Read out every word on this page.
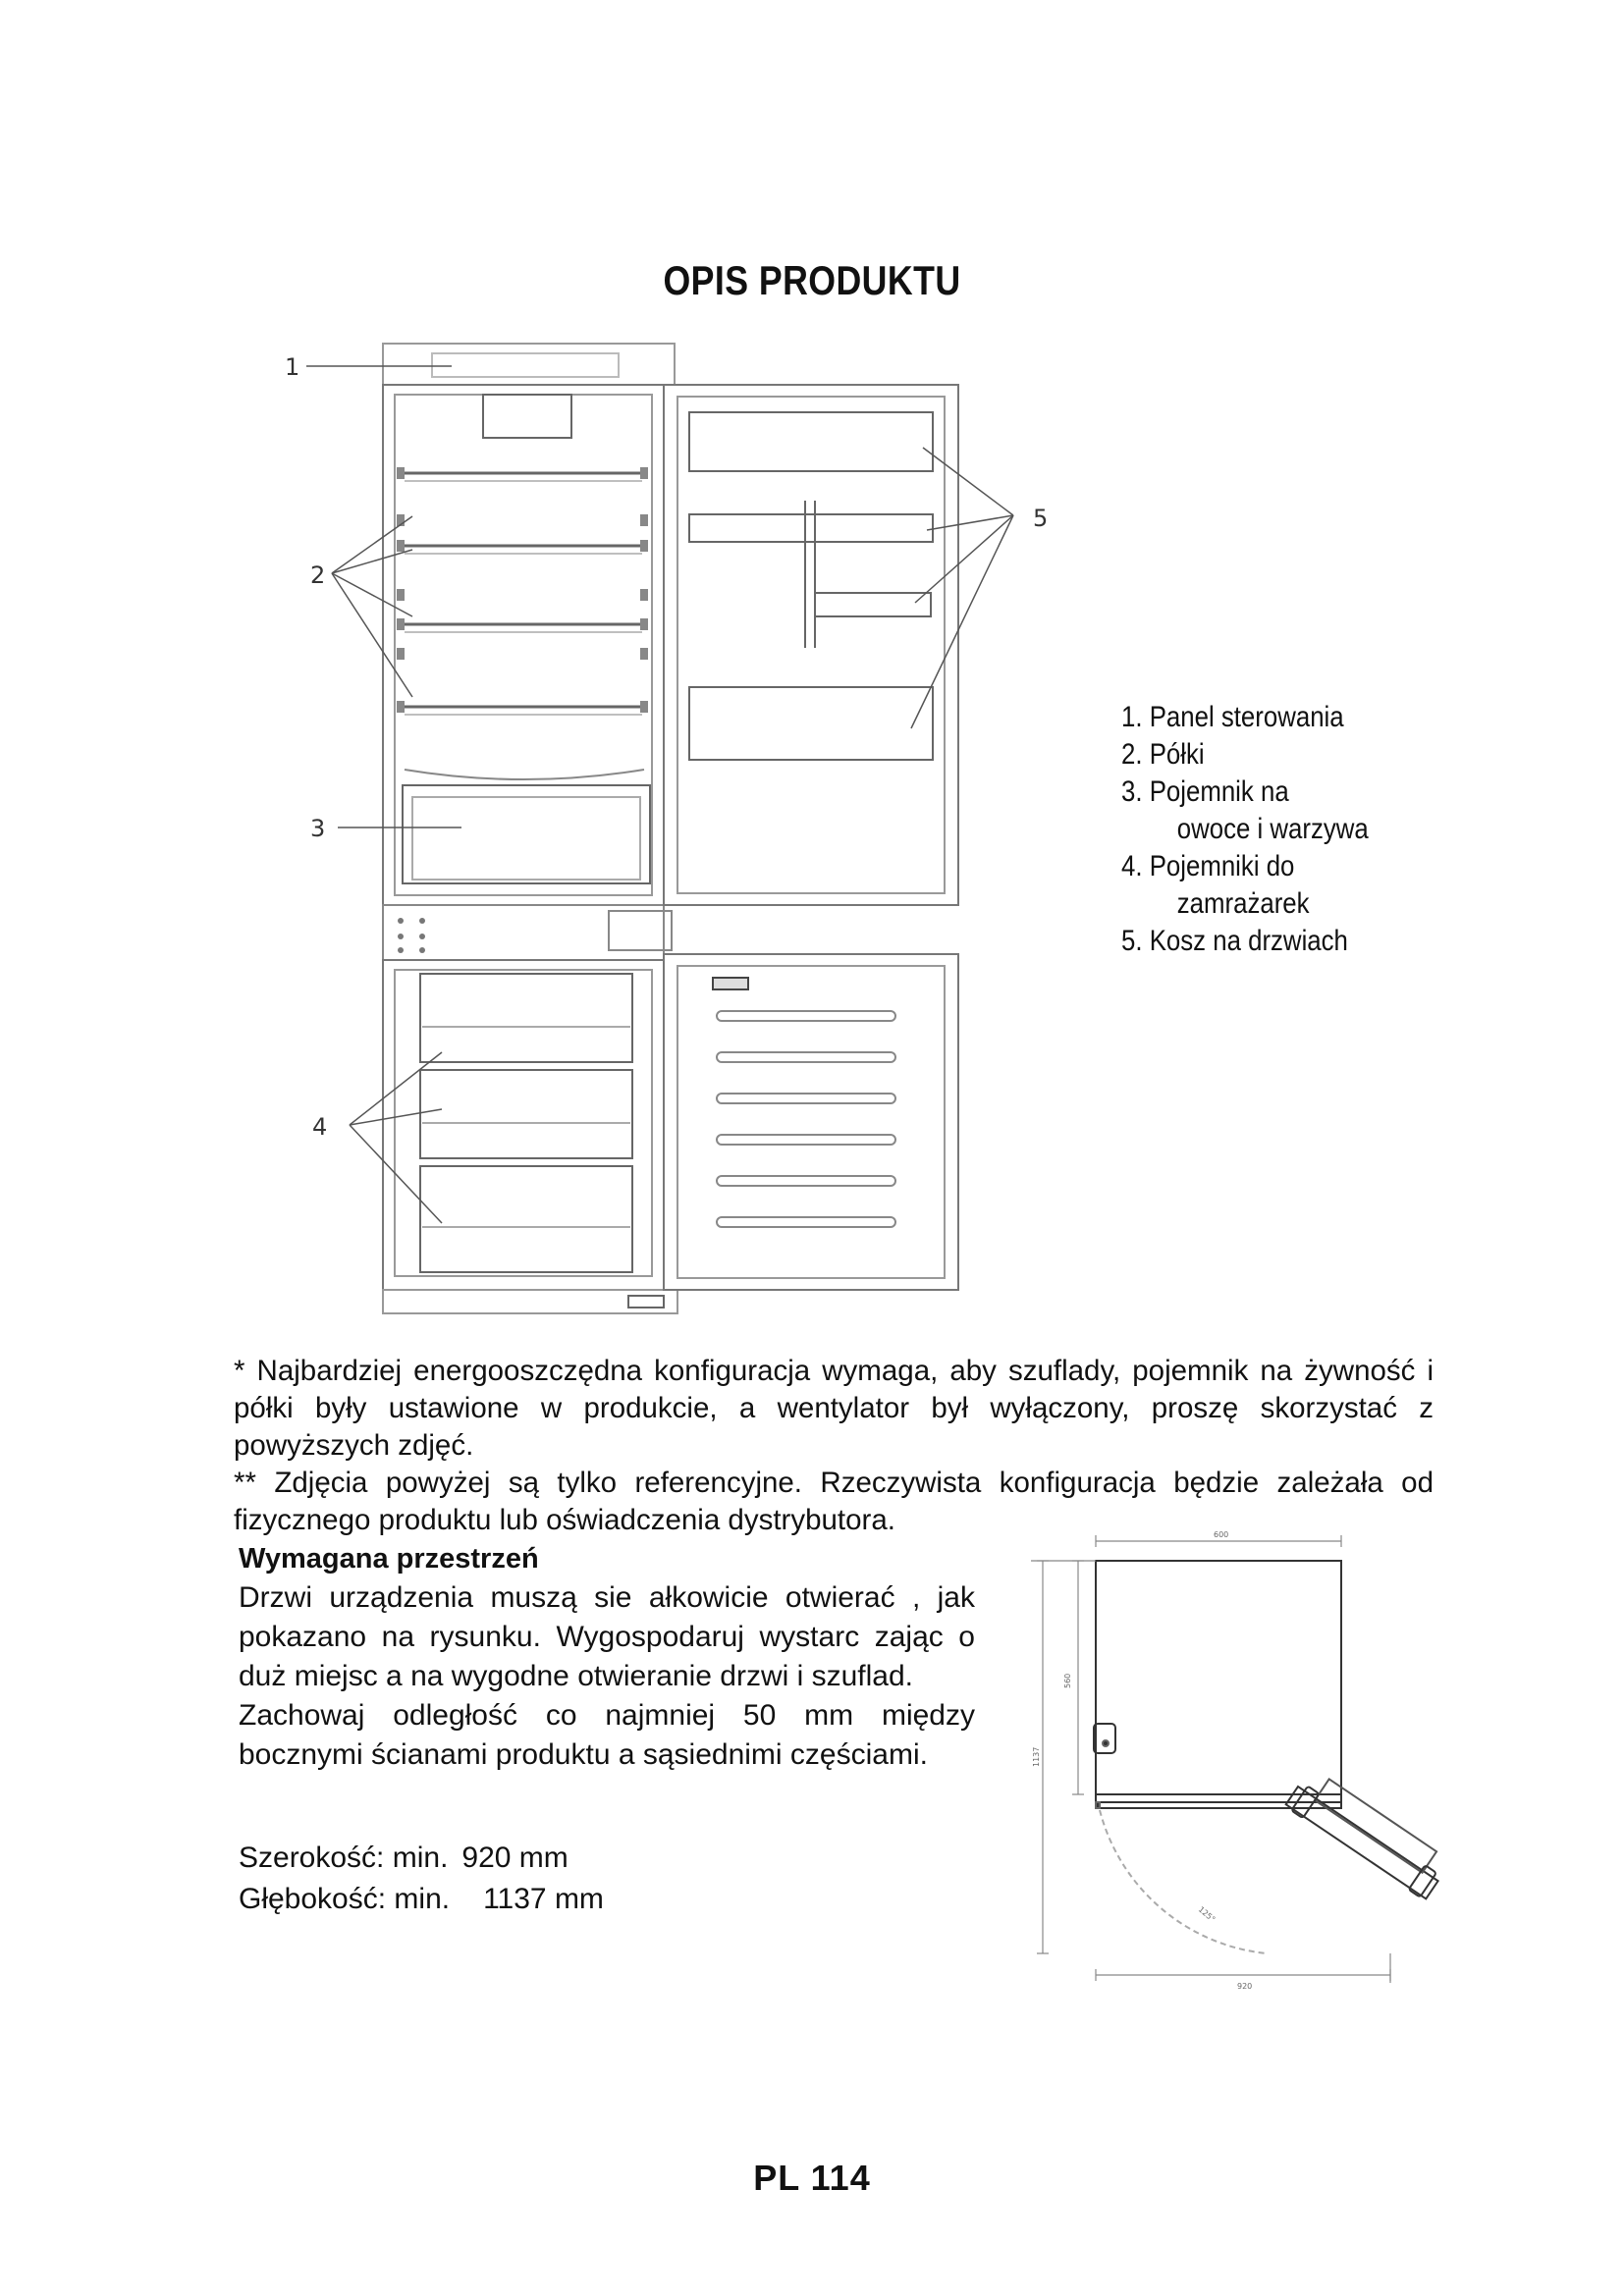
OPIS PRODUKTU
1
2
3
4
5
1. Panel sterowania
2. Półki
3. Pojemnik na
owoce i warzywa
4. Pojemniki do
zamrażarek
5. Kosz na drzwiach
* Najbardziej energooszczędna konfiguracja wymaga, aby szuflady, pojemnik na żywność i półki były ustawione w produkcie, a wentylator był wyłączony, proszę skorzystać z powyższych zdjęć.
** Zdjęcia powyżej są tylko referencyjne. Rzeczywista konfiguracja będzie zależała od fizycznego produktu lub oświadczenia dystrybutora.
Wymagana przestrzeń

Drzwi urządzenia muszą sie ałkowicie otwierać , jak pokazano na rysunku. Wygospodaruj wystarc zając o duż miejsc a na wygodne otwieranie drzwi i szuflad.

Zachowaj odległość co najmniej 50 mm między bocznymi ścianami produktu a sąsiednimi częściami.

Szerokość: min. 920 mm
Głębokość: min. 1137 mm
600
560
1137
125°
920
PL 114
